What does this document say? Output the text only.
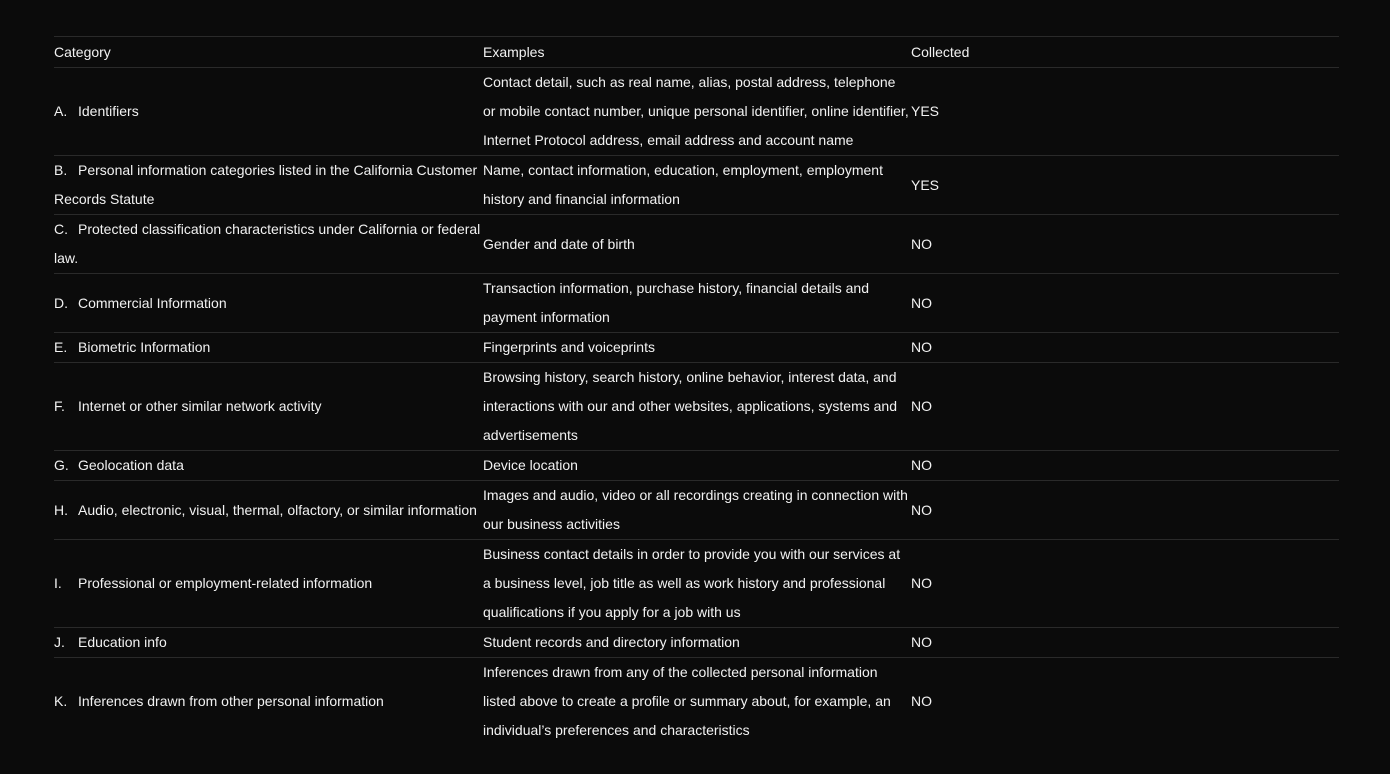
Category	Examples	Collected
A. Identifiers	Contact detail, such as real name, alias, postal address, telephone or mobile contact number, unique personal identifier, online identifier, Internet Protocol address, email address and account name	YES
B. Personal information categories listed in the California Customer Records Statute	Name, contact information, education, employment, employment history and financial information	YES
C. Protected classification characteristics under California or federal law.	Gender and date of birth	NO
D. Commercial Information	Transaction information, purchase history, financial details and payment information	NO
E. Biometric Information	Fingerprints and voiceprints	NO
F. Internet or other similar network activity	Browsing history, search history, online behavior, interest data, and interactions with our and other websites, applications, systems and advertisements	NO
G. Geolocation data	Device location	NO
H. Audio, electronic, visual, thermal, olfactory, or similar information	Images and audio, video or all recordings creating in connection with our business activities	NO
I. Professional or employment-related information	Business contact details in order to provide you with our services at a business level, job title as well as work history and professional qualifications if you apply for a job with us	NO
J. Education info	Student records and directory information	NO
K. Inferences drawn from other personal information	Inferences drawn from any of the collected personal information listed above to create a profile or summary about, for example, an individual’s preferences and characteristics	NO
